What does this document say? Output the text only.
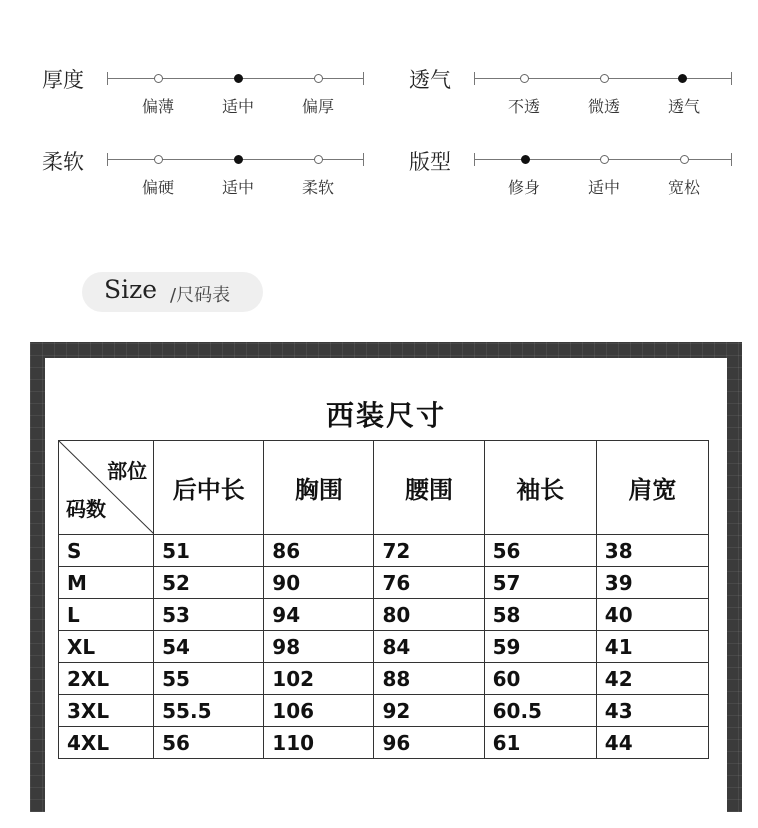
厚度
偏薄	适中	偏厚
透气
不透	微透	透气
柔软
偏硬	适中	柔软
版型
修身	适中	宽松
Size /尺码表
西装尺寸
部位
码数	后中长	胸围	腰围	袖长	肩宽
S	51	86	72	56	38
M	52	90	76	57	39
L	53	94	80	58	40
XL	54	98	84	59	41
2XL	55	102	88	60	42
3XL	55.5	106	92	60.5	43
4XL	56	110	96	61	44
